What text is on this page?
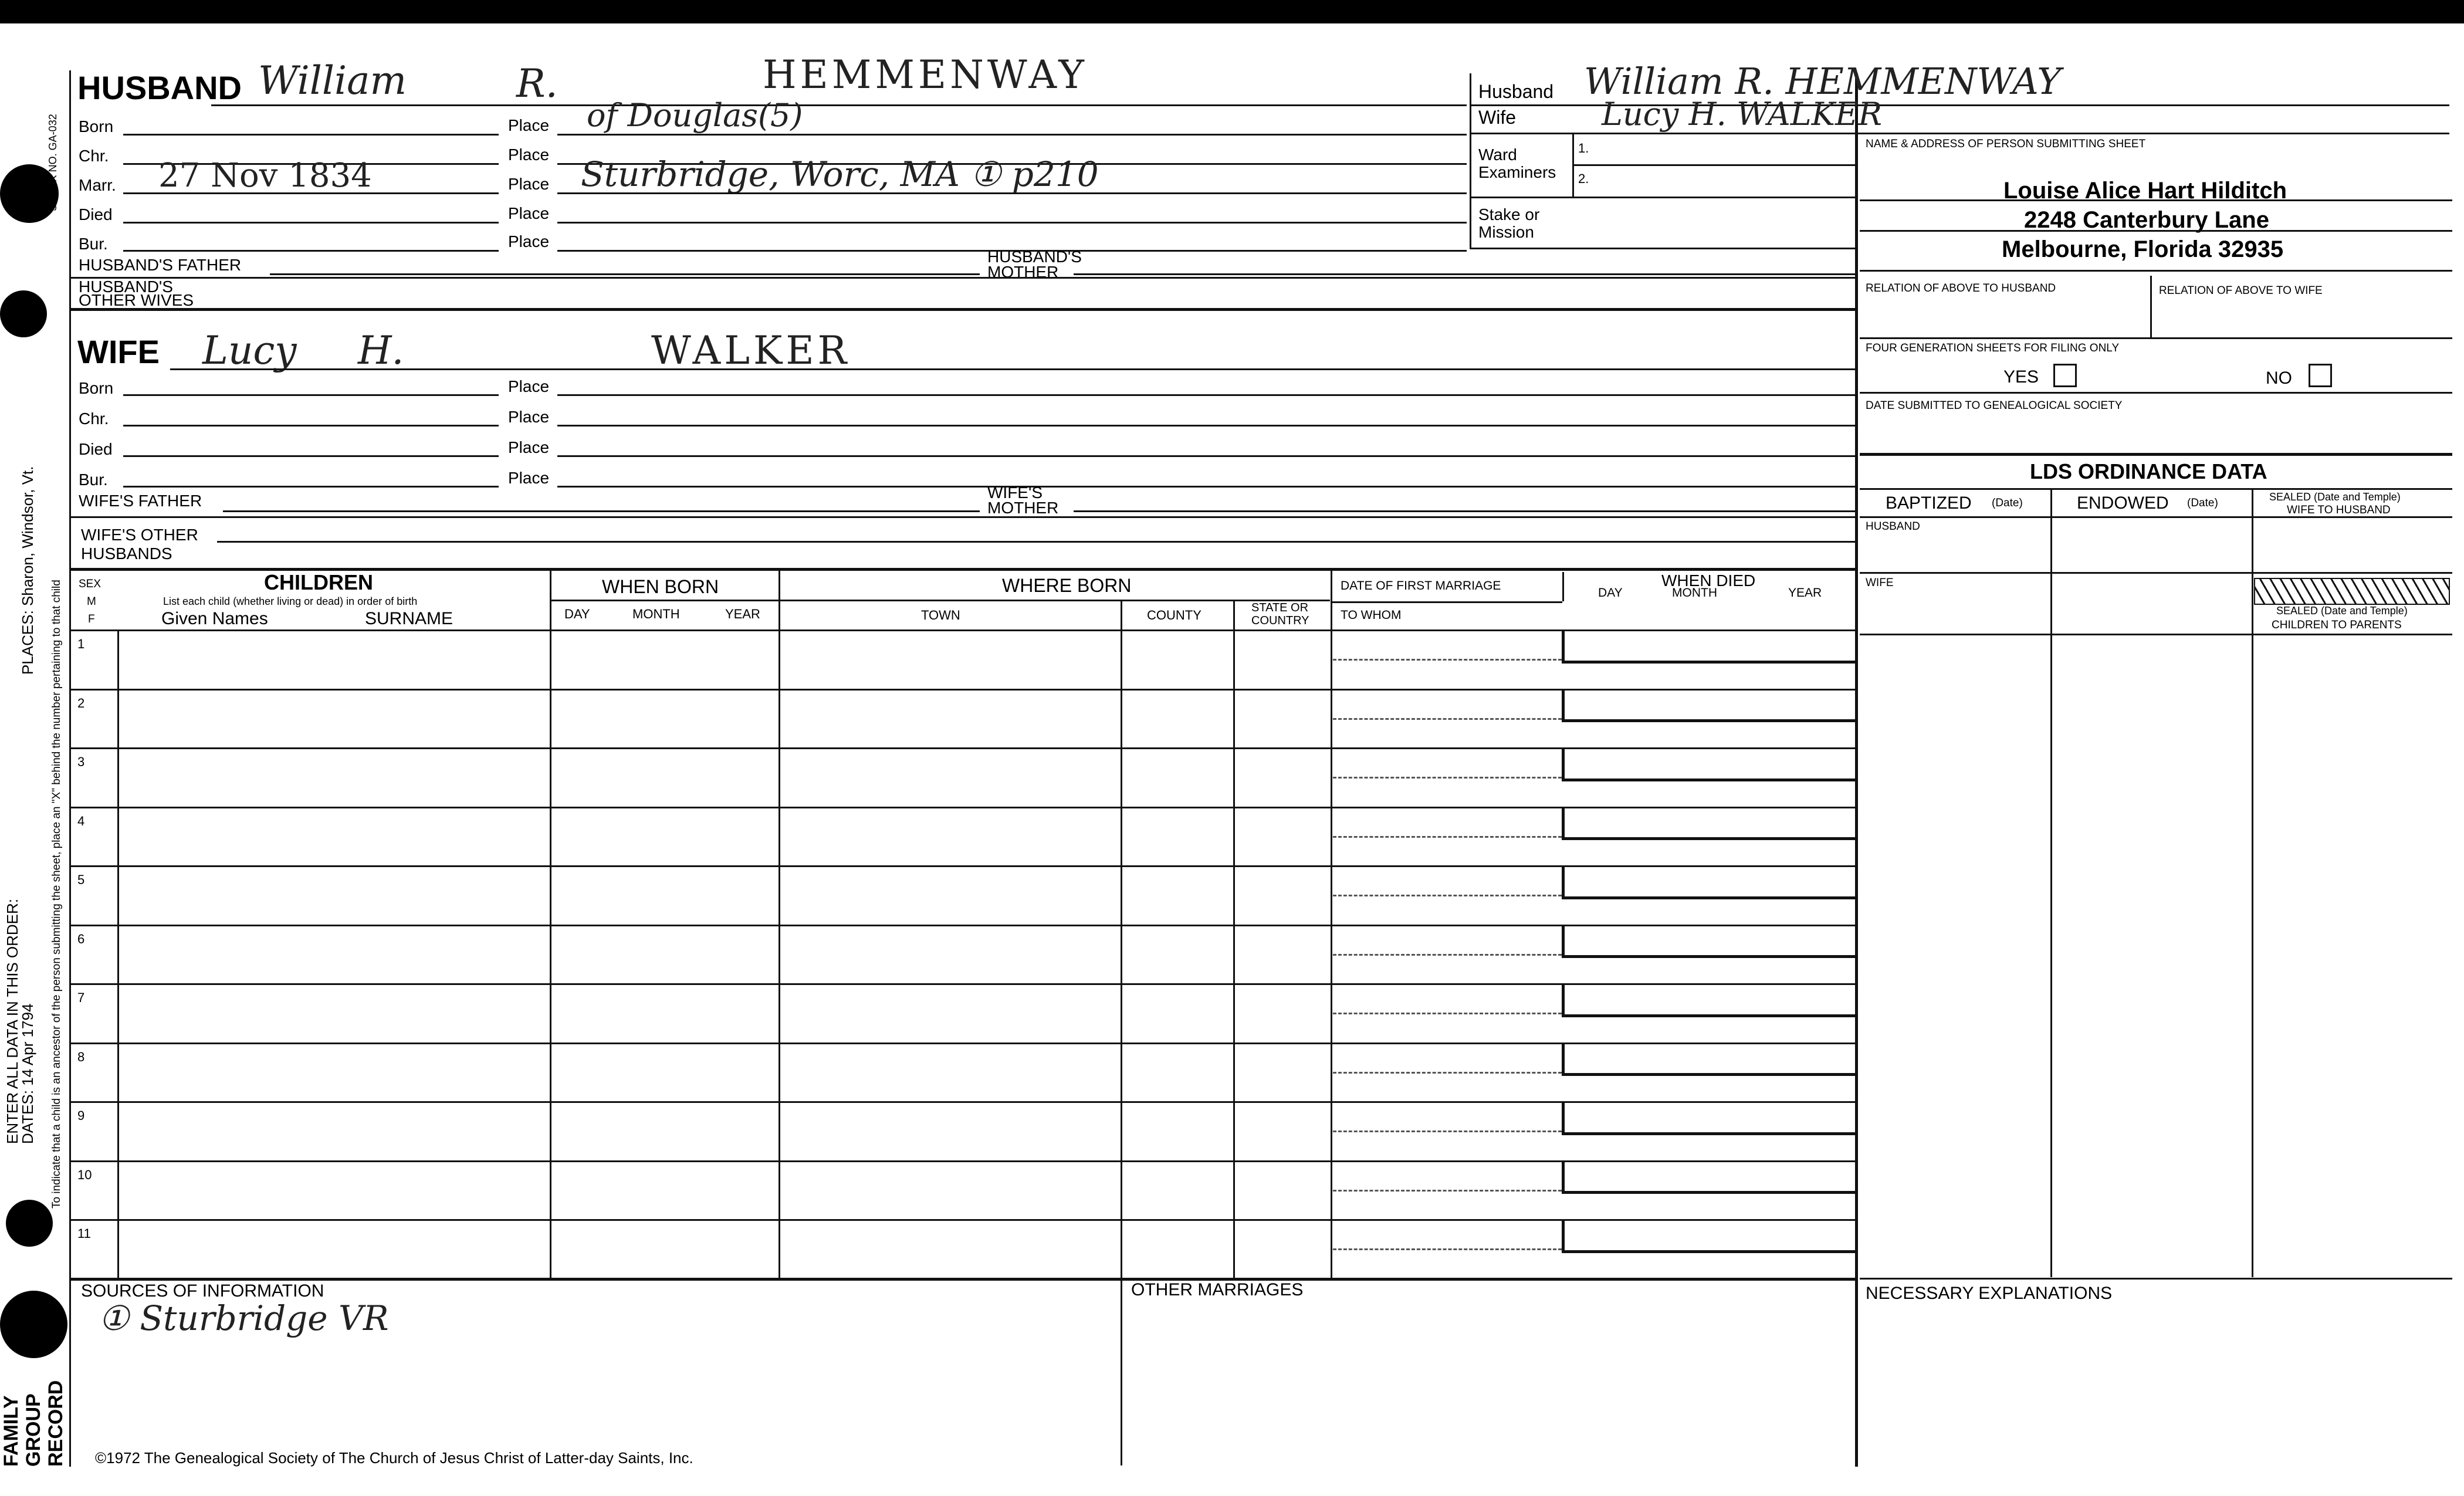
STOCK NO. GA-032
To indicate that a child is an ancestor of the person submitting the sheet, place an "X" behind the number pertaining to that child
ENTER ALL DATA IN THIS ORDER:
DATES: 14 Apr 1794
PLACES: Sharon, Windsor, Vt.
FAMILY GROUP RECORD
HUSBAND William	R.	HEMMENWAY
Born	Place of Douglas(5)
Chr.	Place
Marr. 27 Nov 1834	Place Sturbridge, Worc, MA ① p210
Died	Place
Bur.	Place
HUSBAND'S FATHER	HUSBAND'S
MOTHER
HUSBAND'S
OTHER WIVES
Husband William R. HEMMENWAY
Wife	Lucy H. WALKER
Ward
Examiners
1.
2.
Stake or
Mission
NAME & ADDRESS OF PERSON SUBMITTING SHEET
Louise Alice Hart Hilditch
2248 Canterbury Lane
Melbourne, Florida 32935
RELATION OF ABOVE TO HUSBAND	RELATION OF ABOVE TO WIFE
FOUR GENERATION SHEETS FOR FILING ONLY
YES	NO
DATE SUBMITTED TO GENEALOGICAL SOCIETY
LDS ORDINANCE DATA
BAPTIZED (Date)	ENDOWED (Date)	SEALED (Date and Temple)
WIFE TO HUSBAND
HUSBAND
WIFE
SEALED (Date and Temple)
CHILDREN TO PARENTS
WIFE Lucy H.	WALKER
Born	Place
Chr.	Place
Died	Place
Bur.	Place
WIFE'S FATHER	WIFE'S
MOTHER
WIFE'S OTHER
HUSBANDS
SEX
M
F
CHILDREN
List each child (whether living or dead) in order of birth
Given Names	SURNAME
WHEN BORN
DAY	MONTH	YEAR
WHERE BORN
TOWN	COUNTY	STATE OR
COUNTRY
DATE OF FIRST MARRIAGE
TO WHOM
WHEN DIED
DAY	MONTH	YEAR
1
2
3
4
5
6
7
8
9
10
11
SOURCES OF INFORMATION
① Sturbridge VR
OTHER MARRIAGES	NECESSARY EXPLANATIONS
©1972 The Genealogical Society of The Church of Jesus Christ of Latter-day Saints, Inc.
